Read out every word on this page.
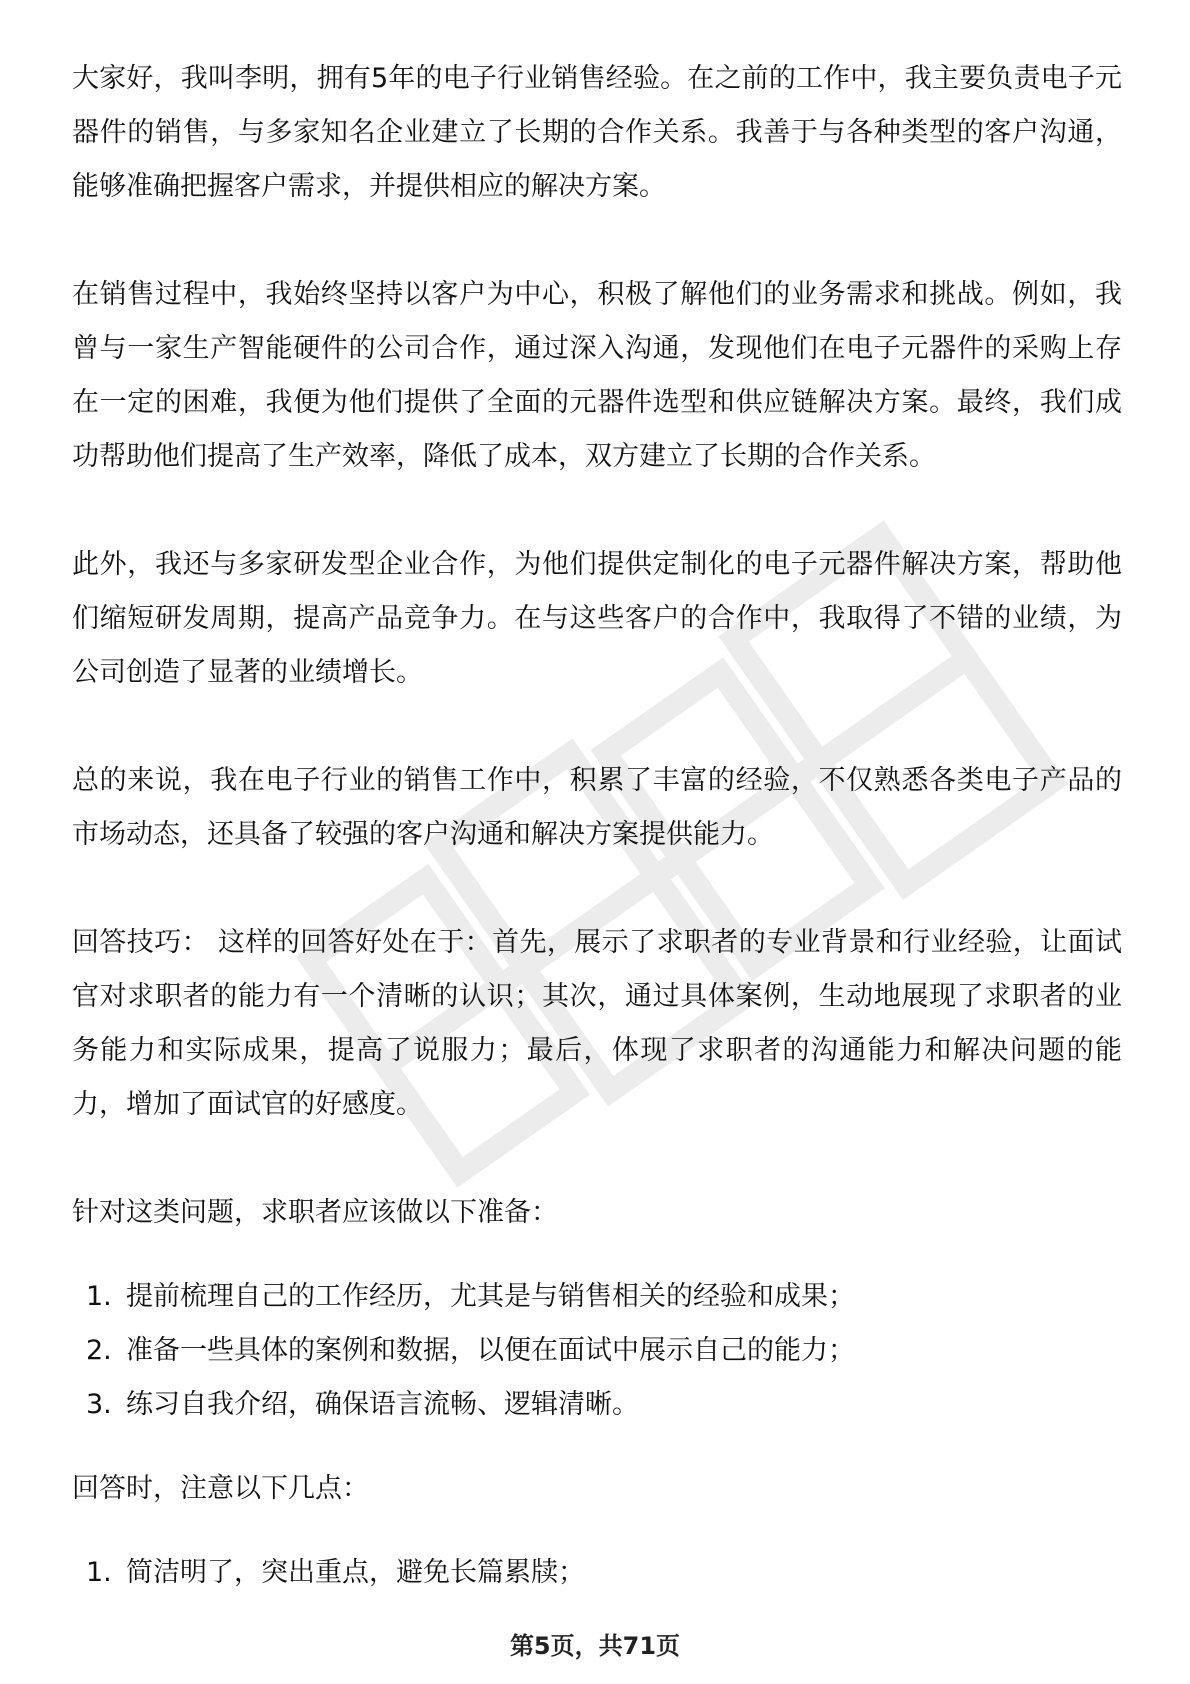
大家好，我叫李明，拥有5年的电子行业销售经验。在之前的工作中，我主要负责电子元器件的销售，与多家知名企业建立了长期的合作关系。我善于与各种类型的客户沟通，能够准确把握客户需求，并提供相应的解决方案。

在销售过程中，我始终坚持以客户为中心，积极了解他们的业务需求和挑战。例如，我曾与一家生产智能硬件的公司合作，通过深入沟通，发现他们在电子元器件的采购上存在一定的困难，我便为他们提供了全面的元器件选型和供应链解决方案。最终，我们成功帮助他们提高了生产效率，降低了成本，双方建立了长期的合作关系。

此外，我还与多家研发型企业合作，为他们提供定制化的电子元器件解决方案，帮助他们缩短研发周期，提高产品竞争力。在与这些客户的合作中，我取得了不错的业绩，为公司创造了显著的业绩增长。

总的来说，我在电子行业的销售工作中，积累了丰富的经验，不仅熟悉各类电子产品的市场动态，还具备了较强的客户沟通和解决方案提供能力。

回答技巧： 这样的回答好处在于：首先，展示了求职者的专业背景和行业经验，让面试官对求职者的能力有一个清晰的认识；其次，通过具体案例，生动地展现了求职者的业务能力和实际成果，提高了说服力；最后，体现了求职者的沟通能力和解决问题的能力，增加了面试官的好感度。

针对这类问题，求职者应该做以下准备：

1. 提前梳理自己的工作经历，尤其是与销售相关的经验和成果；
2. 准备一些具体的案例和数据，以便在面试中展示自己的能力；
3. 练习自我介绍，确保语言流畅、逻辑清晰。

回答时，注意以下几点：

1. 简洁明了，突出重点，避免长篇累牍；
第5页，共71页
